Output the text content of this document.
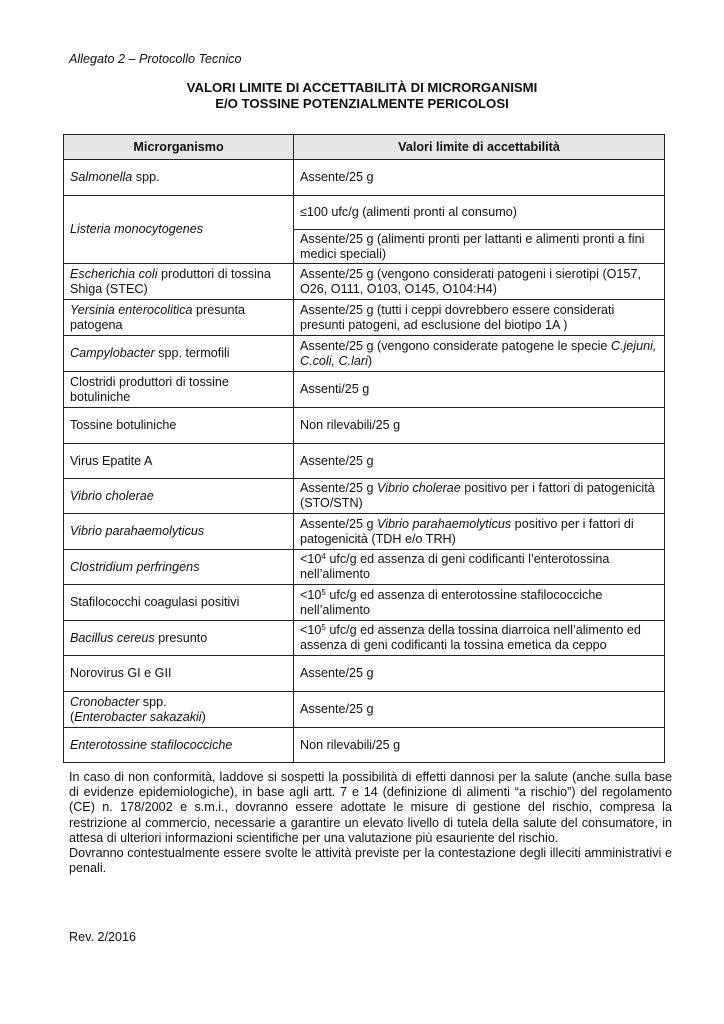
Allegato 2 – Protocollo Tecnico
VALORI LIMITE DI ACCETTABILITÀ DI MICRORGANISMI
E/O TOSSINE POTENZIALMENTE PERICOLOSI
Microrganismo	Valori limite di accettabilità
Salmonella spp.	Assente/25 g
Listeria monocytogenes	≤100 ufc/g (alimenti pronti al consumo)
	Assente/25 g (alimenti pronti per lattanti e alimenti pronti a fini medici speciali)
Escherichia coli produttori di tossina Shiga (STEC)	Assente/25 g (vengono considerati patogeni i sierotipi (O157, O26, O111, O103, O145, O104:H4)
Yersinia enterocolitica presunta patogena	Assente/25 g (tutti i ceppi dovrebbero essere considerati presunti patogeni, ad esclusione del biotipo 1A )
Campylobacter spp. termofili	Assente/25 g (vengono considerate patogene le specie C.jejuni, C.coli, C.lari)
Clostridi produttori di tossine botuliniche	Assenti/25 g
Tossine botuliniche	Non rilevabili/25 g
Virus Epatite A	Assente/25 g
Vibrio cholerae	Assente/25 g Vibrio cholerae positivo per i fattori di patogenicità (STO/STN)
Vibrio parahaemolyticus	Assente/25 g Vibrio parahaemolyticus positivo per i fattori di patogenicità (TDH e/o TRH)
Clostridium perfringens	$<10^4$ ufc/g ed assenza di geni codificanti l’enterotossina nell’alimento
Stafilococchi coagulasi positivi	$<10^5$ ufc/g ed assenza di enterotossine stafilococciche nell’alimento
Bacillus cereus presunto	$<10^5$ ufc/g ed assenza della tossina diarroica nell’alimento ed assenza di geni codificanti la tossina emetica da ceppo
Norovirus GI e GII	Assente/25 g
Cronobacter spp.
(Enterobacter sakazakii)	Assente/25 g
Enterotossine stafilococciche	Non rilevabili/25 g

In caso di non conformità, laddove si sospetti la possibilità di effetti dannosi per la salute (anche sulla base di evidenze epidemiologiche), in base agli artt. 7 e 14 (definizione di alimenti “a rischio”) del regolamento (CE) n. 178/2002 e s.m.i., dovranno essere adottate le misure di gestione del rischio, compresa la restrizione al commercio, necessarie a garantire un elevato livello di tutela della salute del consumatore, in attesa di ulteriori informazioni scientifiche per una valutazione più esauriente del rischio.

Dovranno contestualmente essere svolte le attività previste per la contestazione degli illeciti amministrativi e penali.

Rev. 2/2016
